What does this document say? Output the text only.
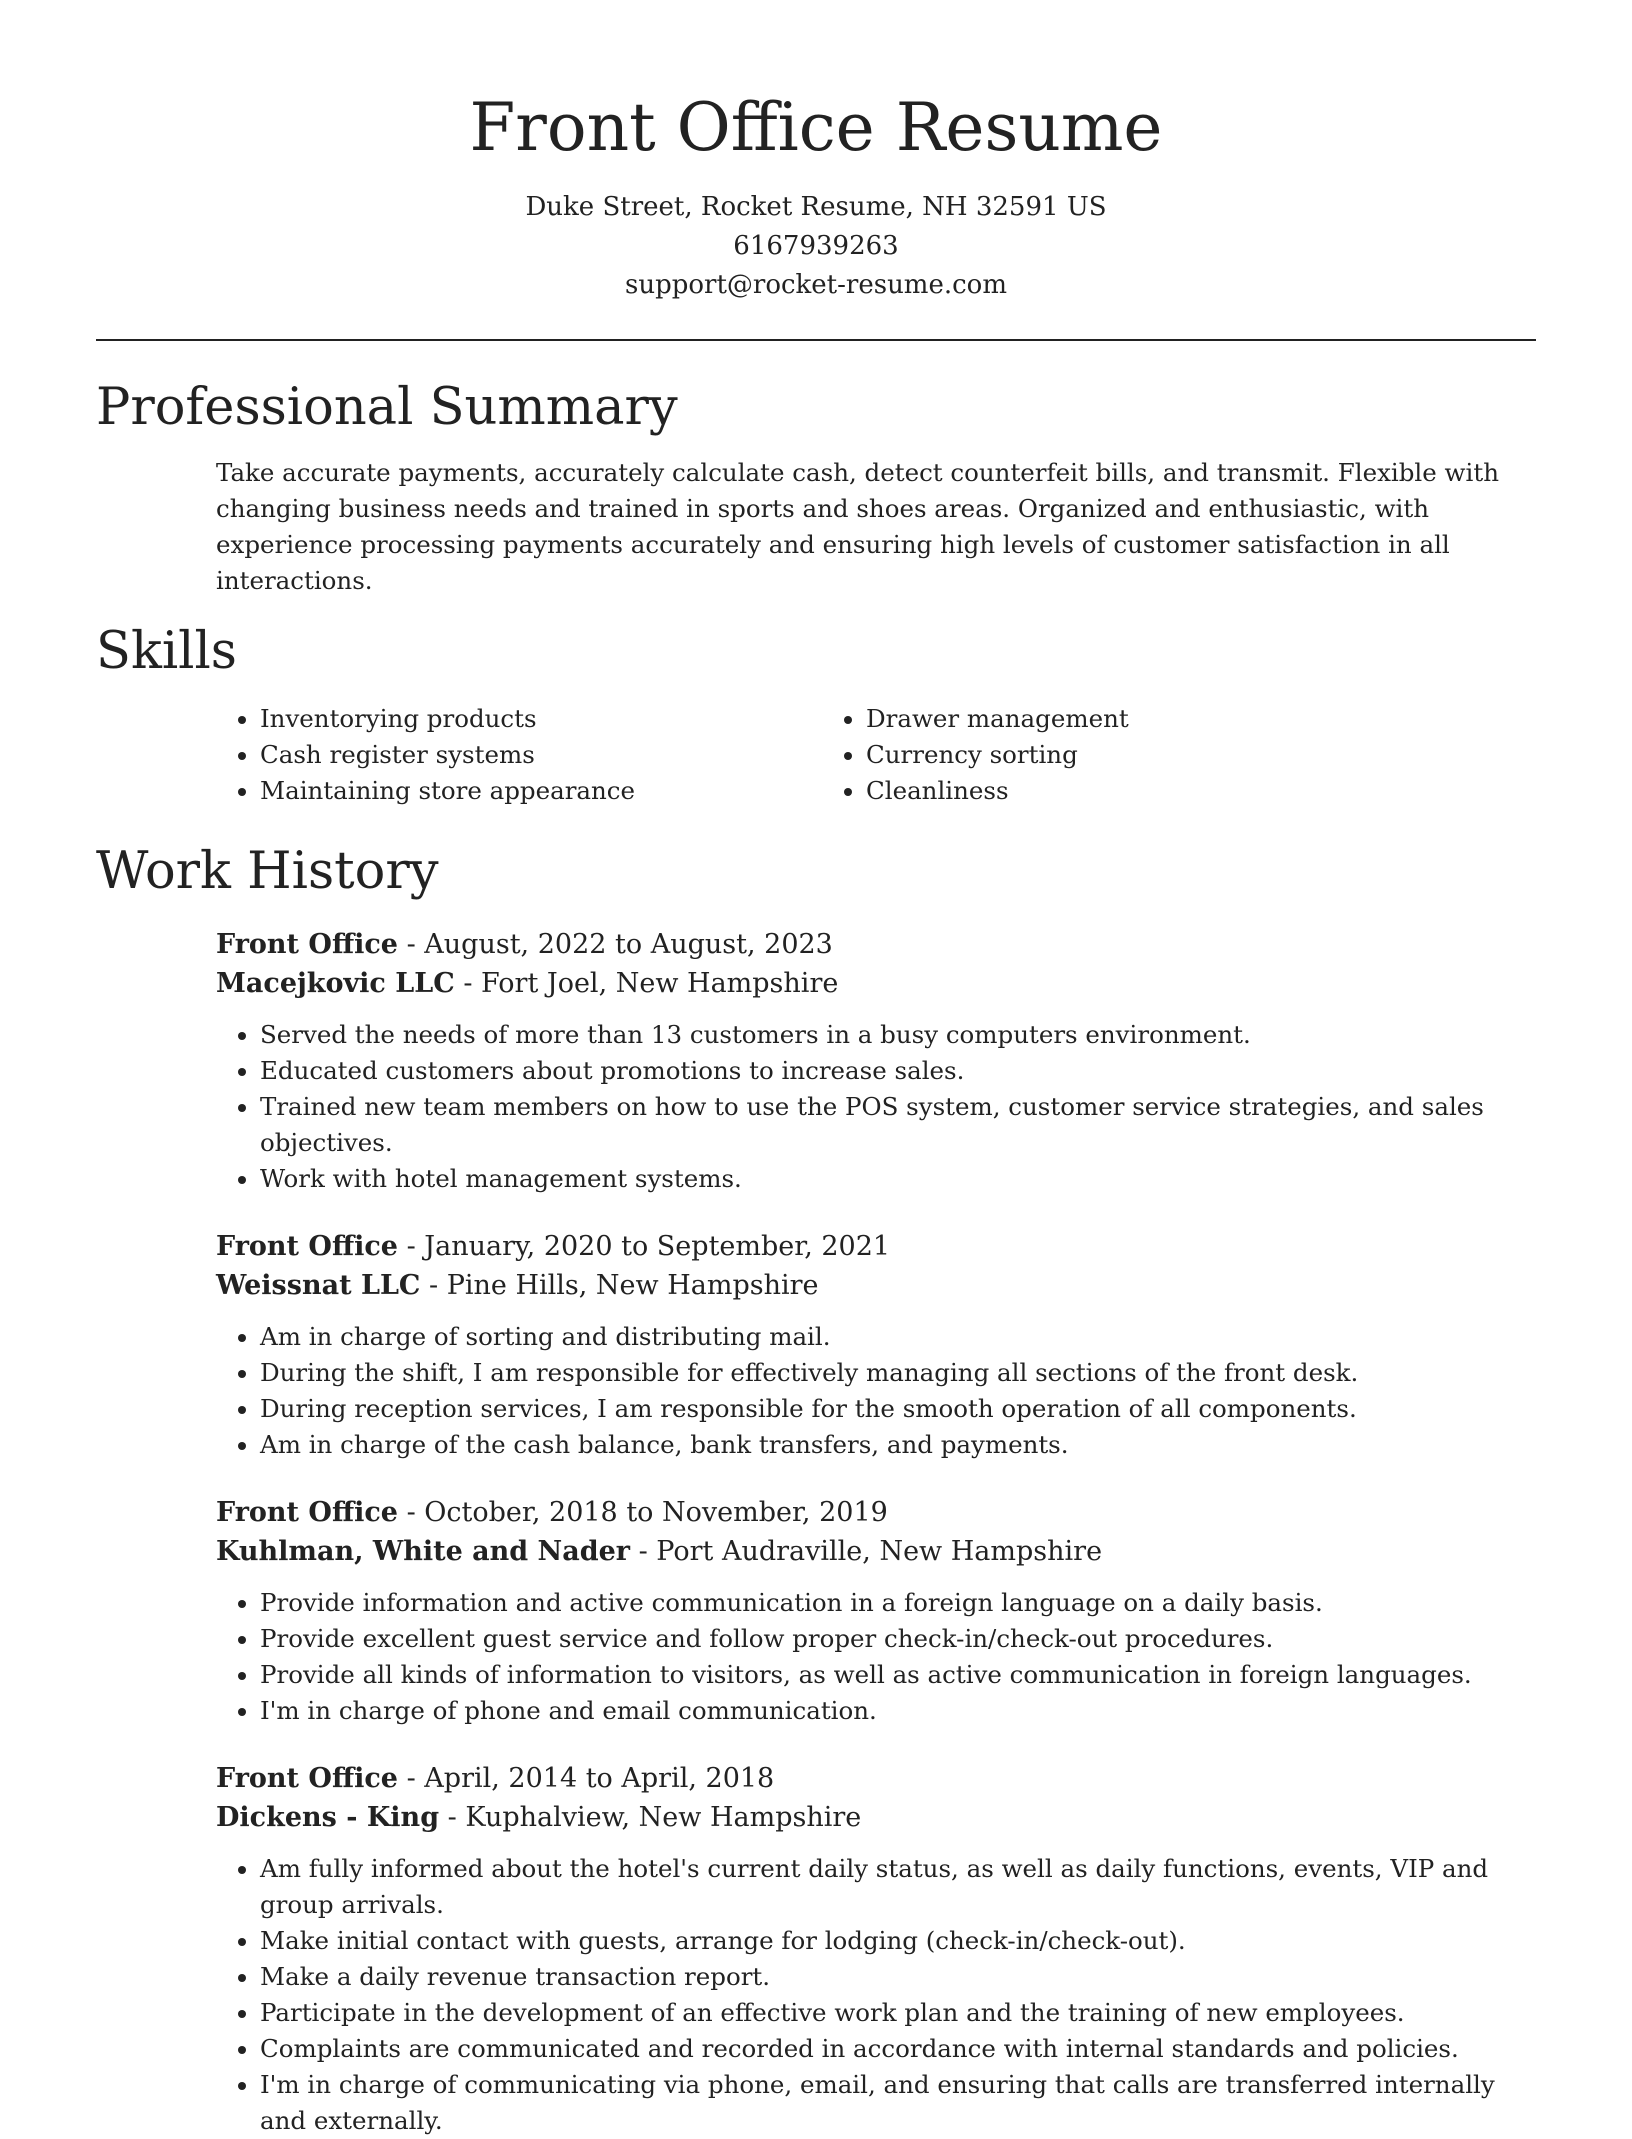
Front Office Resume
Duke Street, Rocket Resume, NH 32591 US
6167939263
support@rocket-resume.com
Professional Summary

Take accurate payments, accurately calculate cash, detect counterfeit bills, and transmit. Flexible with changing business needs and trained in sports and shoes areas. Organized and enthusiastic, with experience processing payments accurately and ensuring high levels of customer satisfaction in all interactions.

Skills
• Inventorying products
• Cash register systems
• Maintaining store appearance
• Drawer management
• Currency sorting
• Cleanliness
Work History
Front Office - August, 2022 to August, 2023
Macejkovic LLC - Fort Joel, New Hampshire
• Served the needs of more than 13 customers in a busy computers environment.
• Educated customers about promotions to increase sales.
• Trained new team members on how to use the POS system, customer service strategies, and sales objectives.
• Work with hotel management systems.
Front Office - January, 2020 to September, 2021
Weissnat LLC - Pine Hills, New Hampshire
• Am in charge of sorting and distributing mail.
• During the shift, I am responsible for effectively managing all sections of the front desk.
• During reception services, I am responsible for the smooth operation of all components.
• Am in charge of the cash balance, bank transfers, and payments.
Front Office - October, 2018 to November, 2019
Kuhlman, White and Nader - Port Audraville, New Hampshire
• Provide information and active communication in a foreign language on a daily basis.
• Provide excellent guest service and follow proper check-in/check-out procedures.
• Provide all kinds of information to visitors, as well as active communication in foreign languages.
• I'm in charge of phone and email communication.
Front Office - April, 2014 to April, 2018
Dickens - King - Kuphalview, New Hampshire
• Am fully informed about the hotel's current daily status, as well as daily functions, events, VIP and group arrivals.
• Make initial contact with guests, arrange for lodging (check-in/check-out).
• Make a daily revenue transaction report.
• Participate in the development of an effective work plan and the training of new employees.
• Complaints are communicated and recorded in accordance with internal standards and policies.
• I'm in charge of communicating via phone, email, and ensuring that calls are transferred internally and externally.
